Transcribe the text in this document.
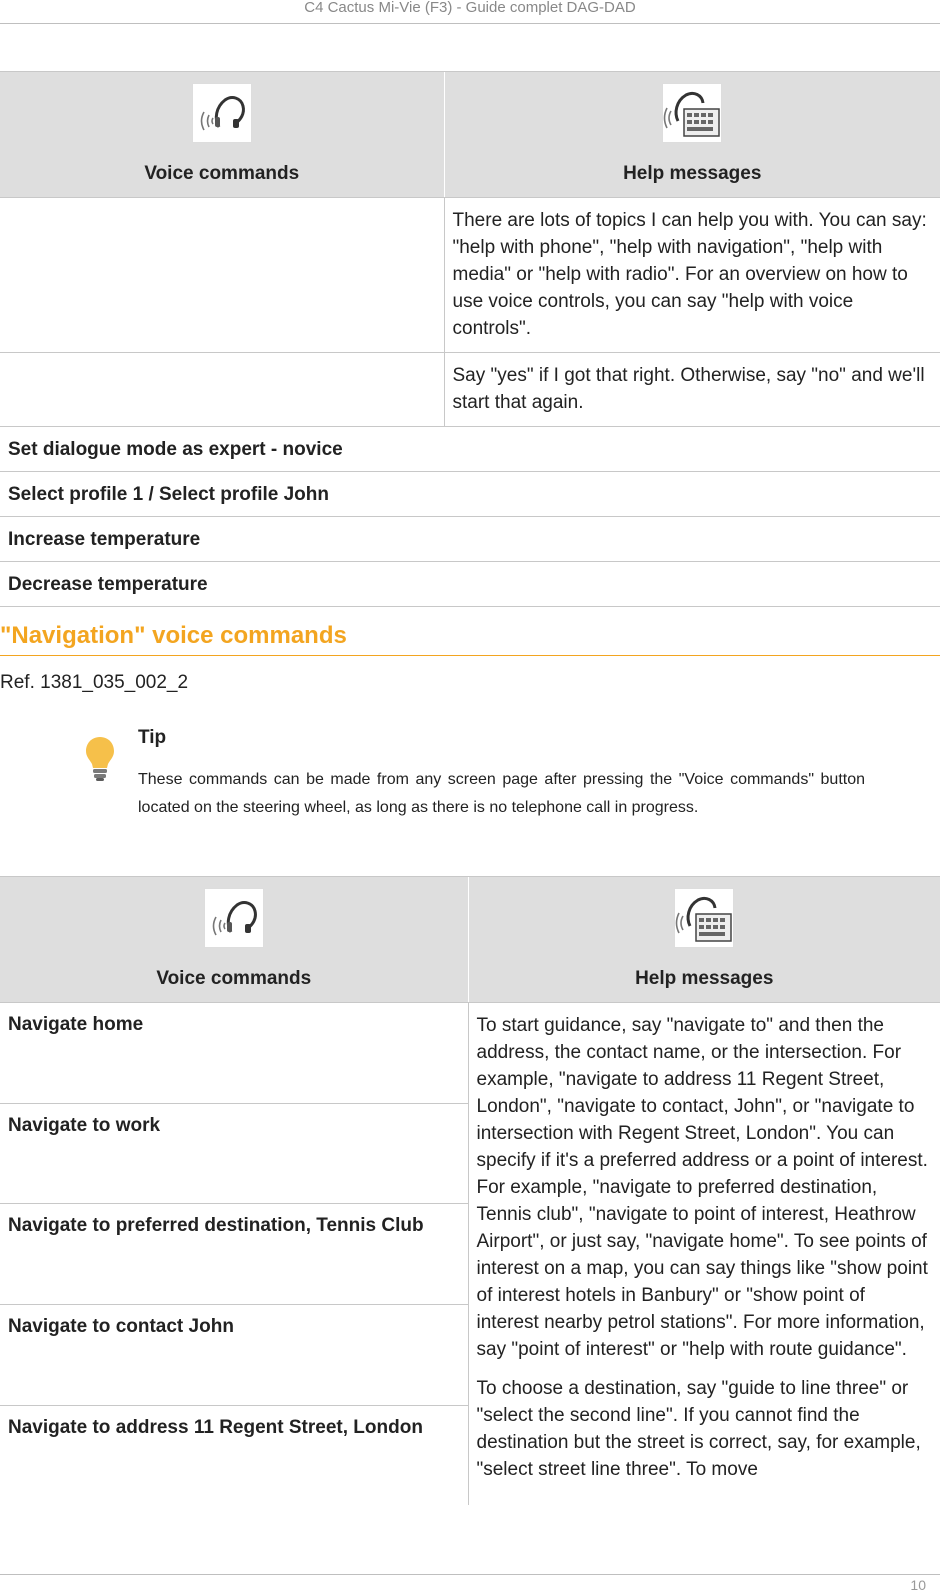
C4 Cactus Mi-Vie (F3) - Guide complet DAG-DAD
Voice commands	Help messages

	There are lots of topics I can help you with. You can say: "help with phone", "help with navigation", "help with media" or "help with radio". For an overview on how to use voice controls, you can say "help with voice controls".
	Say "yes" if I got that right. Otherwise, say "no" and we'll start that again.
Set dialogue mode as expert - novice	
Select profile 1 / Select profile John	
Increase temperature	
Decrease temperature	
"Navigation" voice commands
Ref. 1381_035_002_2
Tip
These commands can be made from any screen page after pressing the "Voice commands" button located on the steering wheel, as long as there is no telephone call in progress.
Voice commands	Help messages

Navigate home	To start guidance, say "navigate to" and then the address, the contact name, or the intersection. For example, "navigate to address 11 Regent Street, London", "navigate to contact, John", or "navigate to intersection with Regent Street, London". You can specify if it's a preferred address or a point of interest. For example, "navigate to preferred destination, Tennis club", "navigate to point of interest, Heathrow Airport", or just say, "navigate home". To see points of interest on a map, you can say things like "show point of interest hotels in Banbury" or "show point of interest nearby petrol stations". For more information, say "point of interest" or "help with route guidance".

To choose a destination, say "guide to line three" or "select the second line". If you cannot find the destination but the street is correct, say, for example, "select street line three". To move

Navigate to work	
Navigate to preferred destination, Tennis Club	
Navigate to contact John	
Navigate to address 11 Regent Street, London	
10
